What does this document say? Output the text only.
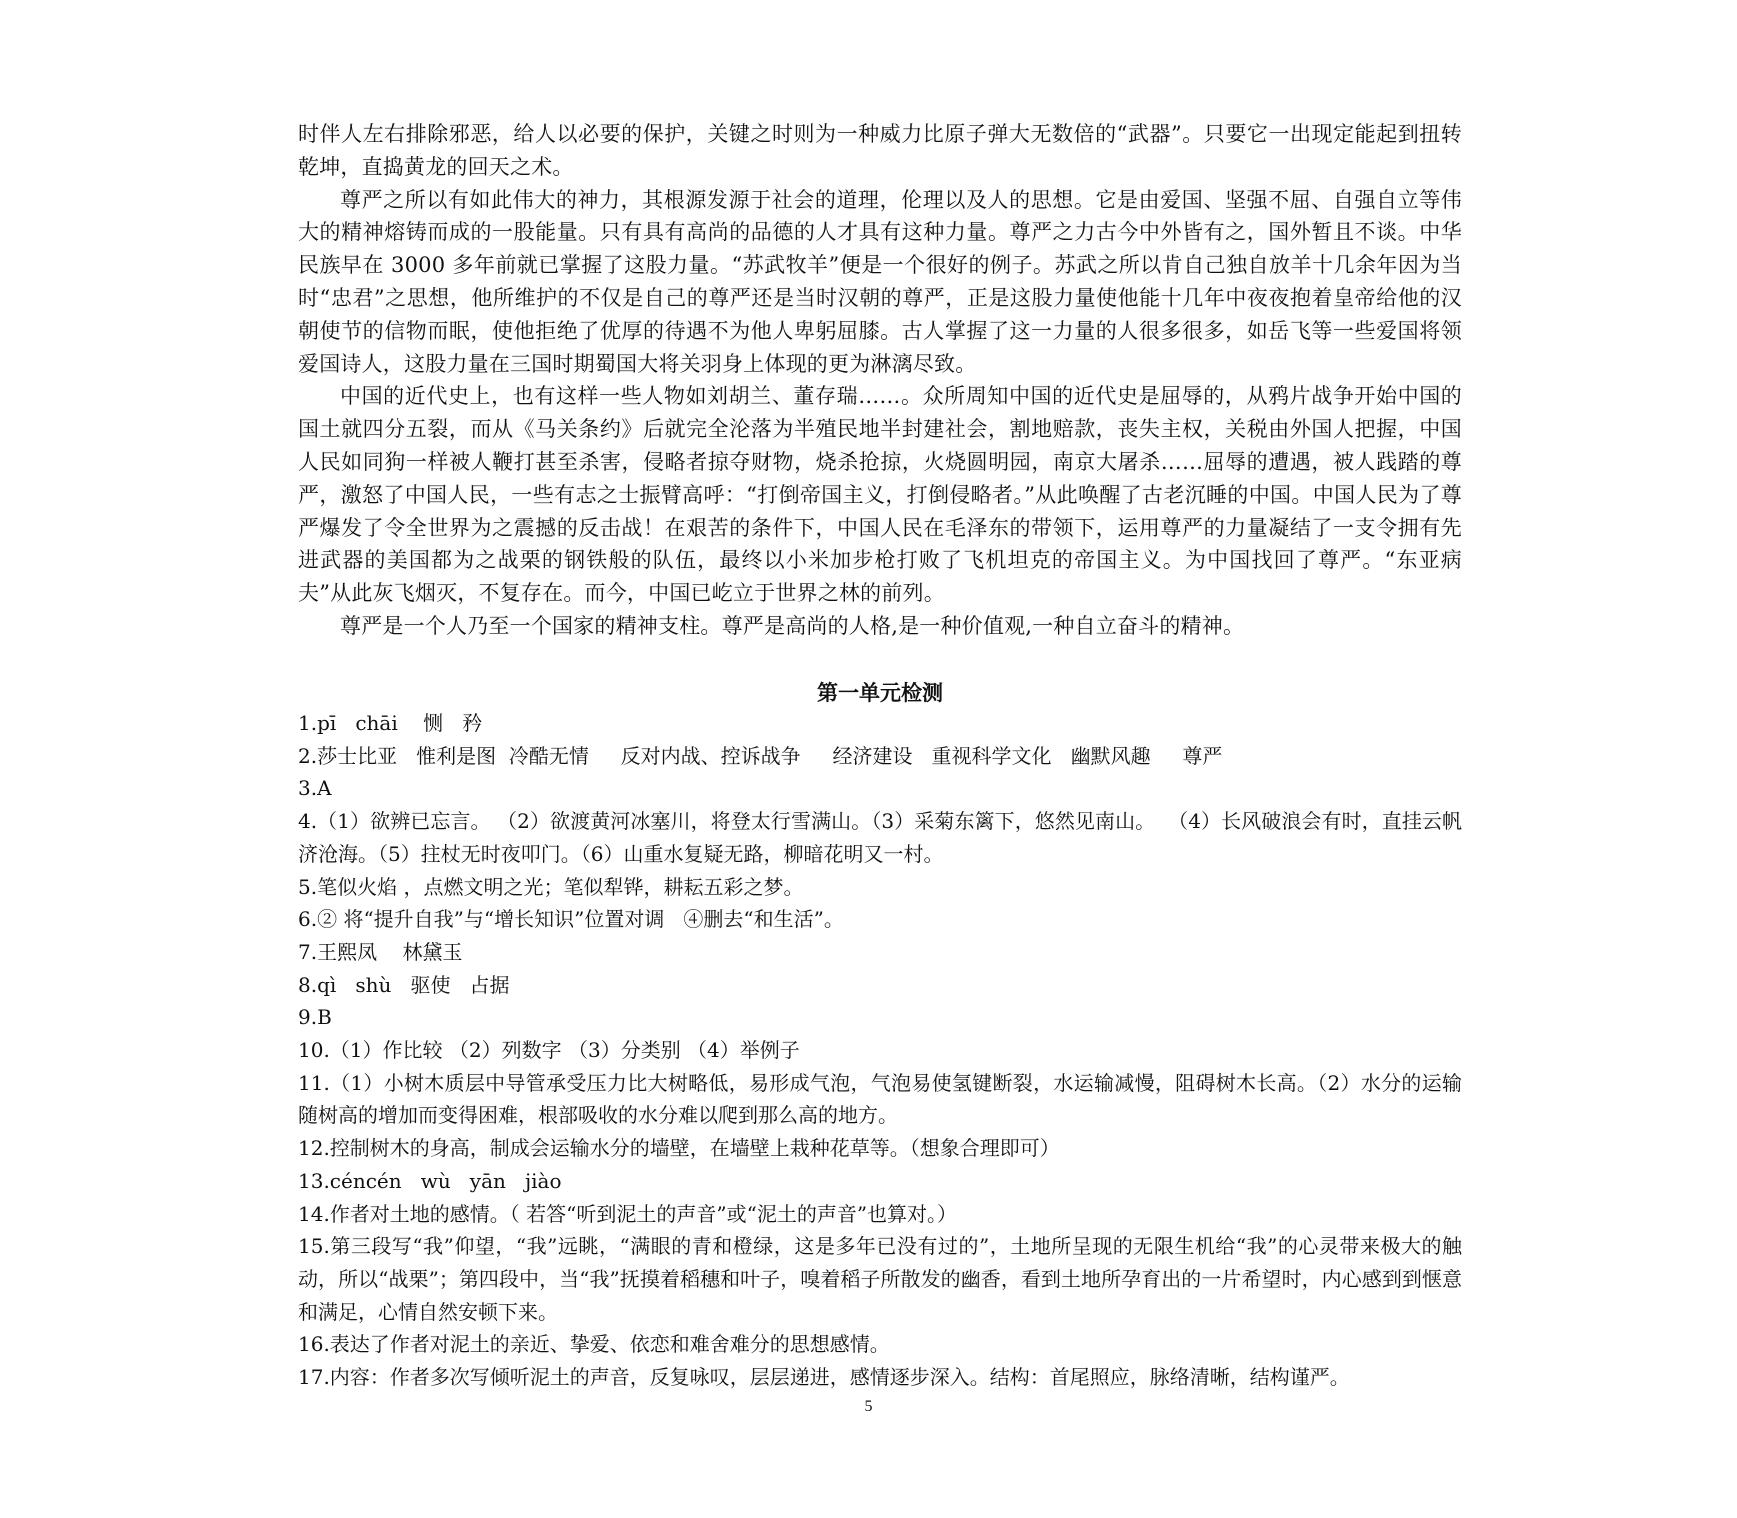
时伴人左右排除邪恶，给人以必要的保护，关键之时则为一种威力比原子弹大无数倍的“武器”。只要它一出现定能起到扭转乾坤，直捣黄龙的回天之术。

尊严之所以有如此伟大的神力，其根源发源于社会的道理，伦理以及人的思想。它是由爱国、坚强不屈、自强自立等伟大的精神熔铸而成的一股能量。只有具有高尚的品德的人才具有这种力量。尊严之力古今中外皆有之，国外暂且不谈。中华民族早在 3000 多年前就已掌握了这股力量。“苏武牧羊”便是一个很好的例子。苏武之所以肯自己独自放羊十几余年因为当时“忠君”之思想，他所维护的不仅是自己的尊严还是当时汉朝的尊严，正是这股力量使他能十几年中夜夜抱着皇帝给他的汉朝使节的信物而眠，使他拒绝了优厚的待遇不为他人卑躬屈膝。古人掌握了这一力量的人很多很多，如岳飞等一些爱国将领爱国诗人，这股力量在三国时期蜀国大将关羽身上体现的更为淋漓尽致。

中国的近代史上，也有这样一些人物如刘胡兰、董存瑞……。众所周知中国的近代史是屈辱的，从鸦片战争开始中国的国土就四分五裂，而从《马关条约》后就完全沦落为半殖民地半封建社会，割地赔款，丧失主权，关税由外国人把握，中国人民如同狗一样被人鞭打甚至杀害，侵略者掠夺财物，烧杀抢掠，火烧圆明园，南京大屠杀……屈辱的遭遇，被人践踏的尊严，激怒了中国人民，一些有志之士振臂高呼：“打倒帝国主义，打倒侵略者。”从此唤醒了古老沉睡的中国。中国人民为了尊严爆发了令全世界为之震撼的反击战！在艰苦的条件下，中国人民在毛泽东的带领下，运用尊严的力量凝结了一支令拥有先进武器的美国都为之战栗的钢铁般的队伍，最终以小米加步枪打败了飞机坦克的帝国主义。为中国找回了尊严。“东亚病夫”从此灰飞烟灭，不复存在。而今，中国已屹立于世界之林的前列。

尊严是一个人乃至一个国家的精神支柱。尊严是高尚的人格,是一种价值观,一种自立奋斗的精神。

第一单元检测

1.pī   chāi    恻   矜

2.莎士比亚   惟利是图  冷酷无情     反对内战、控诉战争     经济建设   重视科学文化   幽默风趣     尊严

3.A

4.（1）欲辨已忘言。 （2）欲渡黄河冰塞川，将登太行雪满山。（3）采菊东篱下，悠然见南山。  （4）长风破浪会有时，直挂云帆济沧海。（5）拄杖无时夜叩门。（6）山重水复疑无路，柳暗花明又一村。

5.笔似火焰 ，点燃文明之光；笔似犁铧，耕耘五彩之梦。

6.② 将“提升自我”与“增长知识”位置对调   ④删去“和生活”。

7.王熙凤    林黛玉

8.qì   shù   驱使   占据

9.B

10.（1）作比较 （2）列数字 （3）分类别 （4）举例子

11.（1）小树木质层中导管承受压力比大树略低，易形成气泡，气泡易使氢键断裂，水运输减慢，阻碍树木长高。（2）水分的运输随树高的增加而变得困难，根部吸收的水分难以爬到那么高的地方。

12.控制树木的身高，制成会运输水分的墙壁，在墙壁上栽种花草等。（想象合理即可）

13.céncén   wù   yān   jiào

14.作者对土地的感情。（ 若答“听到泥土的声音”或“泥土的声音”也算对。）

15.第三段写“我”仰望，“我”远眺，“满眼的青和橙绿，这是多年已没有过的”，土地所呈现的无限生机给“我”的心灵带来极大的触动，所以“战栗”；第四段中，当“我”抚摸着稻穗和叶子，嗅着稻子所散发的幽香，看到土地所孕育出的一片希望时，内心感到到惬意和满足，心情自然安顿下来。

16.表达了作者对泥土的亲近、挚爱、依恋和难舍难分的思想感情。

17.内容：作者多次写倾听泥土的声音，反复咏叹，层层递进，感情逐步深入。结构：首尾照应，脉络清晰，结构谨严。

5
